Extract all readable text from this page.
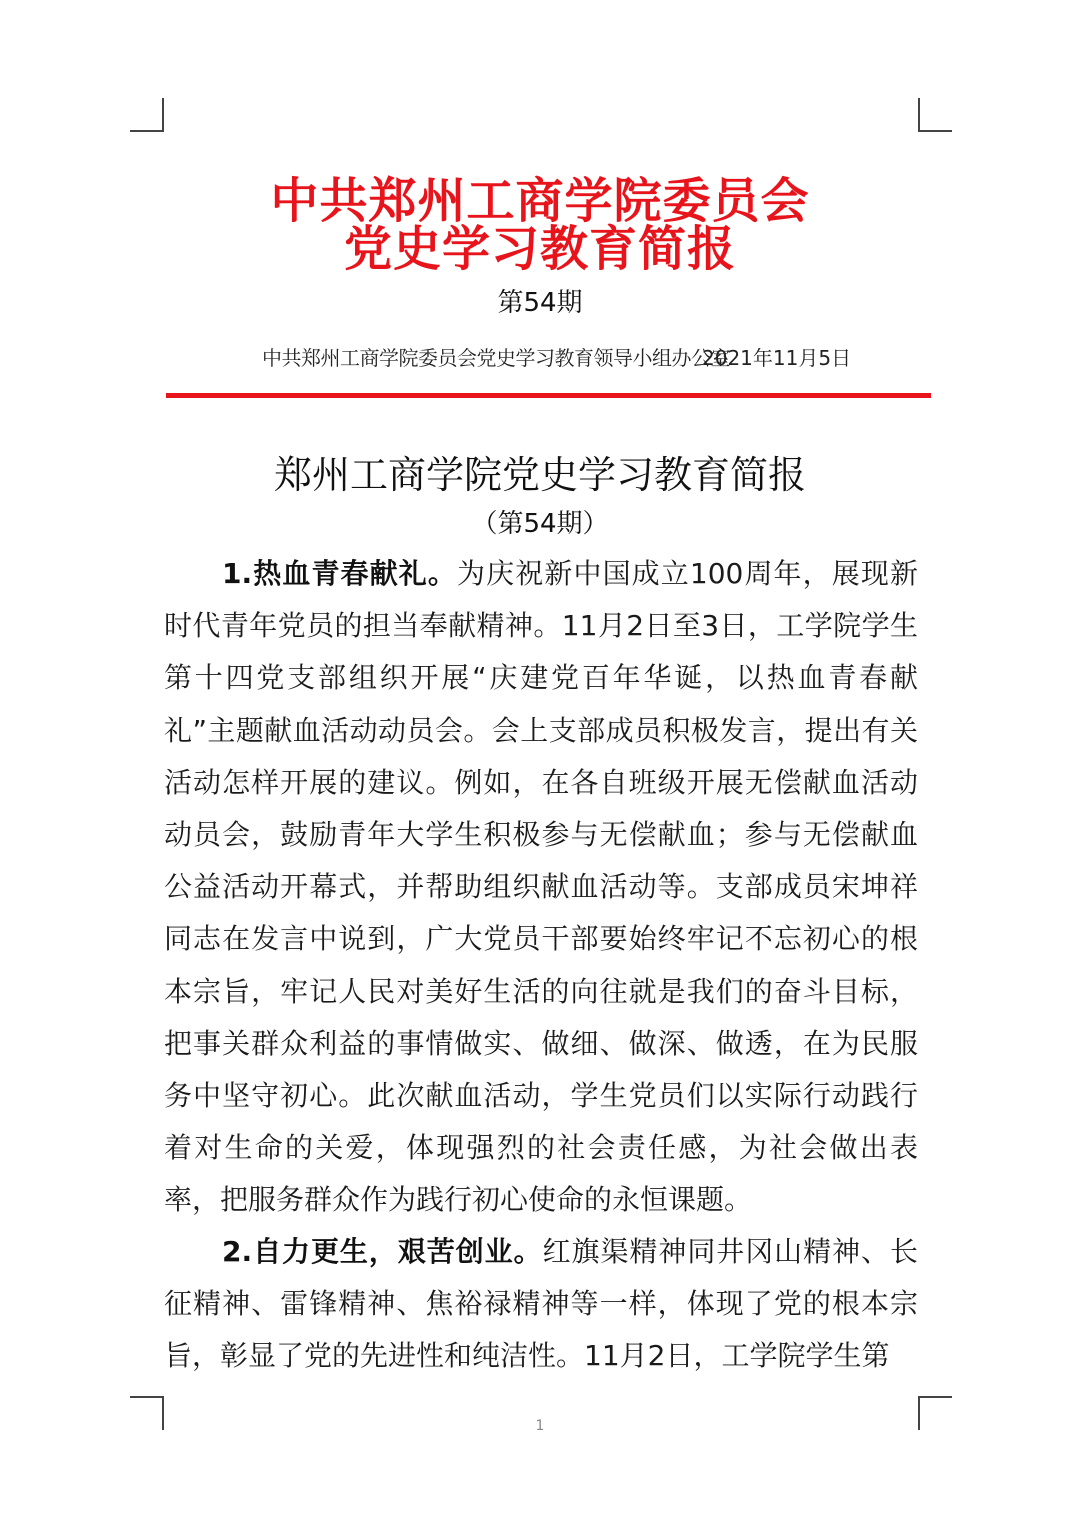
中共郑州工商学院委员会
党史学习教育简报
第54期
中共郑州工商学院委员会党史学习教育领导小组办公室
2021年11月5日
郑州工商学院党史学习教育简报
（第54期）
1.热血青春献礼。为庆祝新中国成立100周年，展现新时代青年党员的担当奉献精神。11月2日至3日，工学院学生第十四党支部组织开展“庆建党百年华诞，以热血青春献礼”主题献血活动动员会。会上支部成员积极发言，提出有关活动怎样开展的建议。例如，在各自班级开展无偿献血活动动员会，鼓励青年大学生积极参与无偿献血；参与无偿献血公益活动开幕式，并帮助组织献血活动等。支部成员宋坤祥同志在发言中说到，广大党员干部要始终牢记不忘初心的根本宗旨，牢记人民对美好生活的向往就是我们的奋斗目标，把事关群众利益的事情做实、做细、做深、做透，在为民服务中坚守初心。此次献血活动，学生党员们以实际行动践行着对生命的关爱，体现强烈的社会责任感，为社会做出表率，把服务群众作为践行初心使命的永恒课题。
2.自力更生，艰苦创业。红旗渠精神同井冈山精神、长征精神、雷锋精神、焦裕禄精神等一样，体现了党的根本宗旨，彰显了党的先进性和纯洁性。11月2日，工学院学生第
1
